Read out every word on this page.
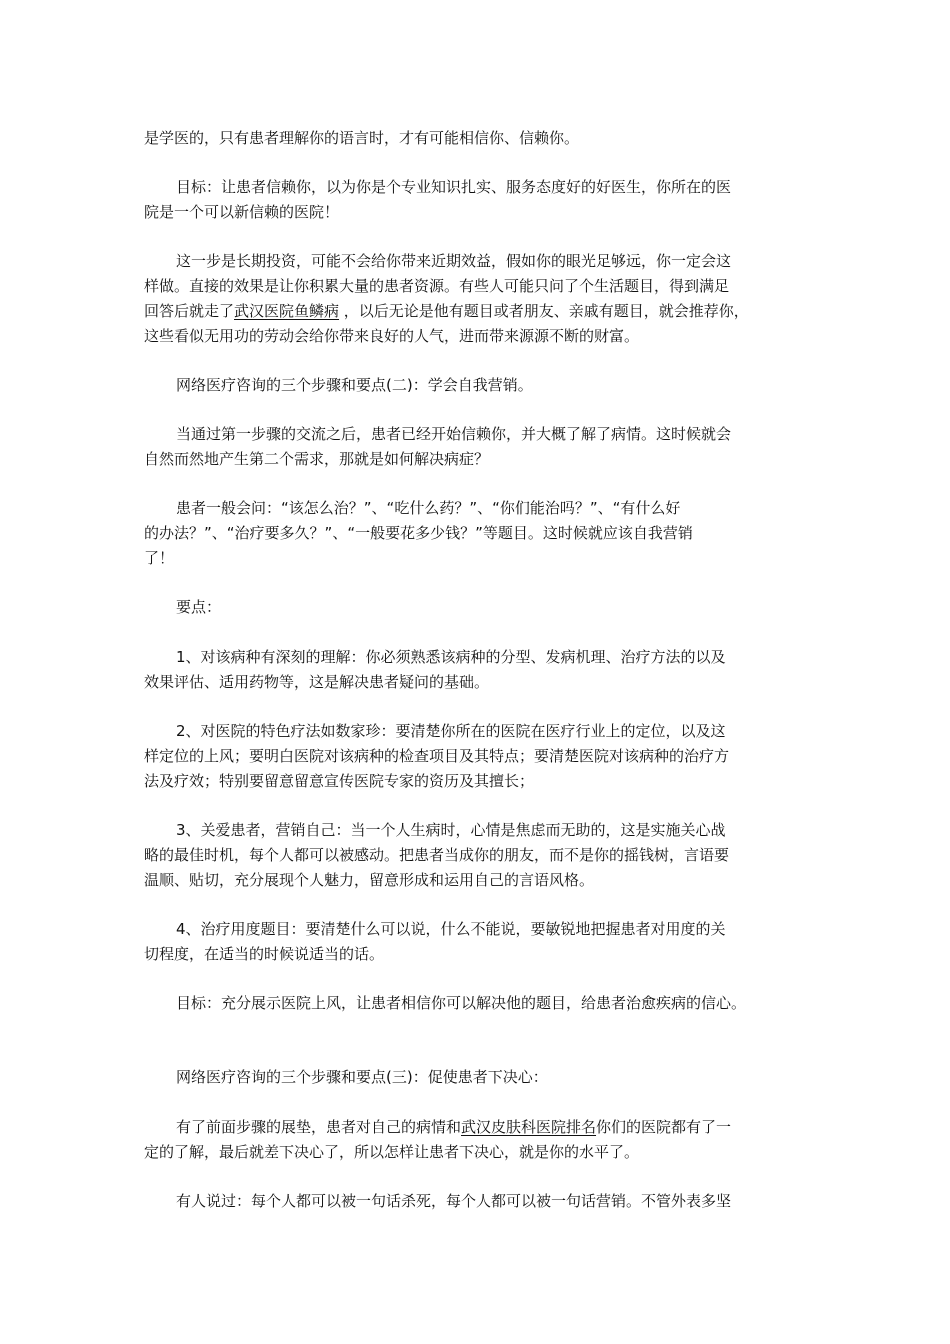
是学医的，只有患者理解你的语言时，才有可能相信你、信赖你。
目标：让患者信赖你，以为你是个专业知识扎实、服务态度好的好医生，你所在的医
院是一个可以新信赖的医院！
这一步是长期投资，可能不会给你带来近期效益，假如你的眼光足够远，你一定会这
样做。直接的效果是让你积累大量的患者资源。有些人可能只问了个生活题目，得到满足
回答后就走了武汉医院鱼鳞病 ，以后无论是他有题目或者朋友、亲戚有题目，就会推荐你，
这些看似无用功的劳动会给你带来良好的人气，进而带来源源不断的财富。
网络医疗咨询的三个步骤和要点(二)：学会自我营销。
当通过第一步骤的交流之后，患者已经开始信赖你，并大概了解了病情。这时候就会
自然而然地产生第二个需求，那就是如何解决病症？
患者一般会问：“该怎么治？”、“吃什么药？”、“你们能治吗？”、“有什么好
的办法？”、“治疗要多久？”、“一般要花多少钱？”等题目。这时候就应该自我营销
了！
要点：
1、对该病种有深刻的理解：你必须熟悉该病种的分型、发病机理、治疗方法的以及
效果评估、适用药物等，这是解决患者疑问的基础。
2、对医院的特色疗法如数家珍：要清楚你所在的医院在医疗行业上的定位，以及这
样定位的上风；要明白医院对该病种的检查项目及其特点；要清楚医院对该病种的治疗方
法及疗效；特别要留意留意宣传医院专家的资历及其擅长；
3、关爱患者，营销自己：当一个人生病时，心情是焦虑而无助的，这是实施关心战
略的最佳时机，每个人都可以被感动。把患者当成你的朋友，而不是你的摇钱树，言语要
温顺、贴切，充分展现个人魅力，留意形成和运用自己的言语风格。
4、治疗用度题目：要清楚什么可以说，什么不能说，要敏锐地把握患者对用度的关
切程度，在适当的时候说适当的话。
目标：充分展示医院上风，让患者相信你可以解决他的题目，给患者治愈疾病的信心。
网络医疗咨询的三个步骤和要点(三)：促使患者下决心：
有了前面步骤的展垫，患者对自己的病情和武汉皮肤科医院排名你们的医院都有了一
定的了解，最后就差下决心了，所以怎样让患者下决心，就是你的水平了。
有人说过：每个人都可以被一句话杀死，每个人都可以被一句话营销。不管外表多坚
